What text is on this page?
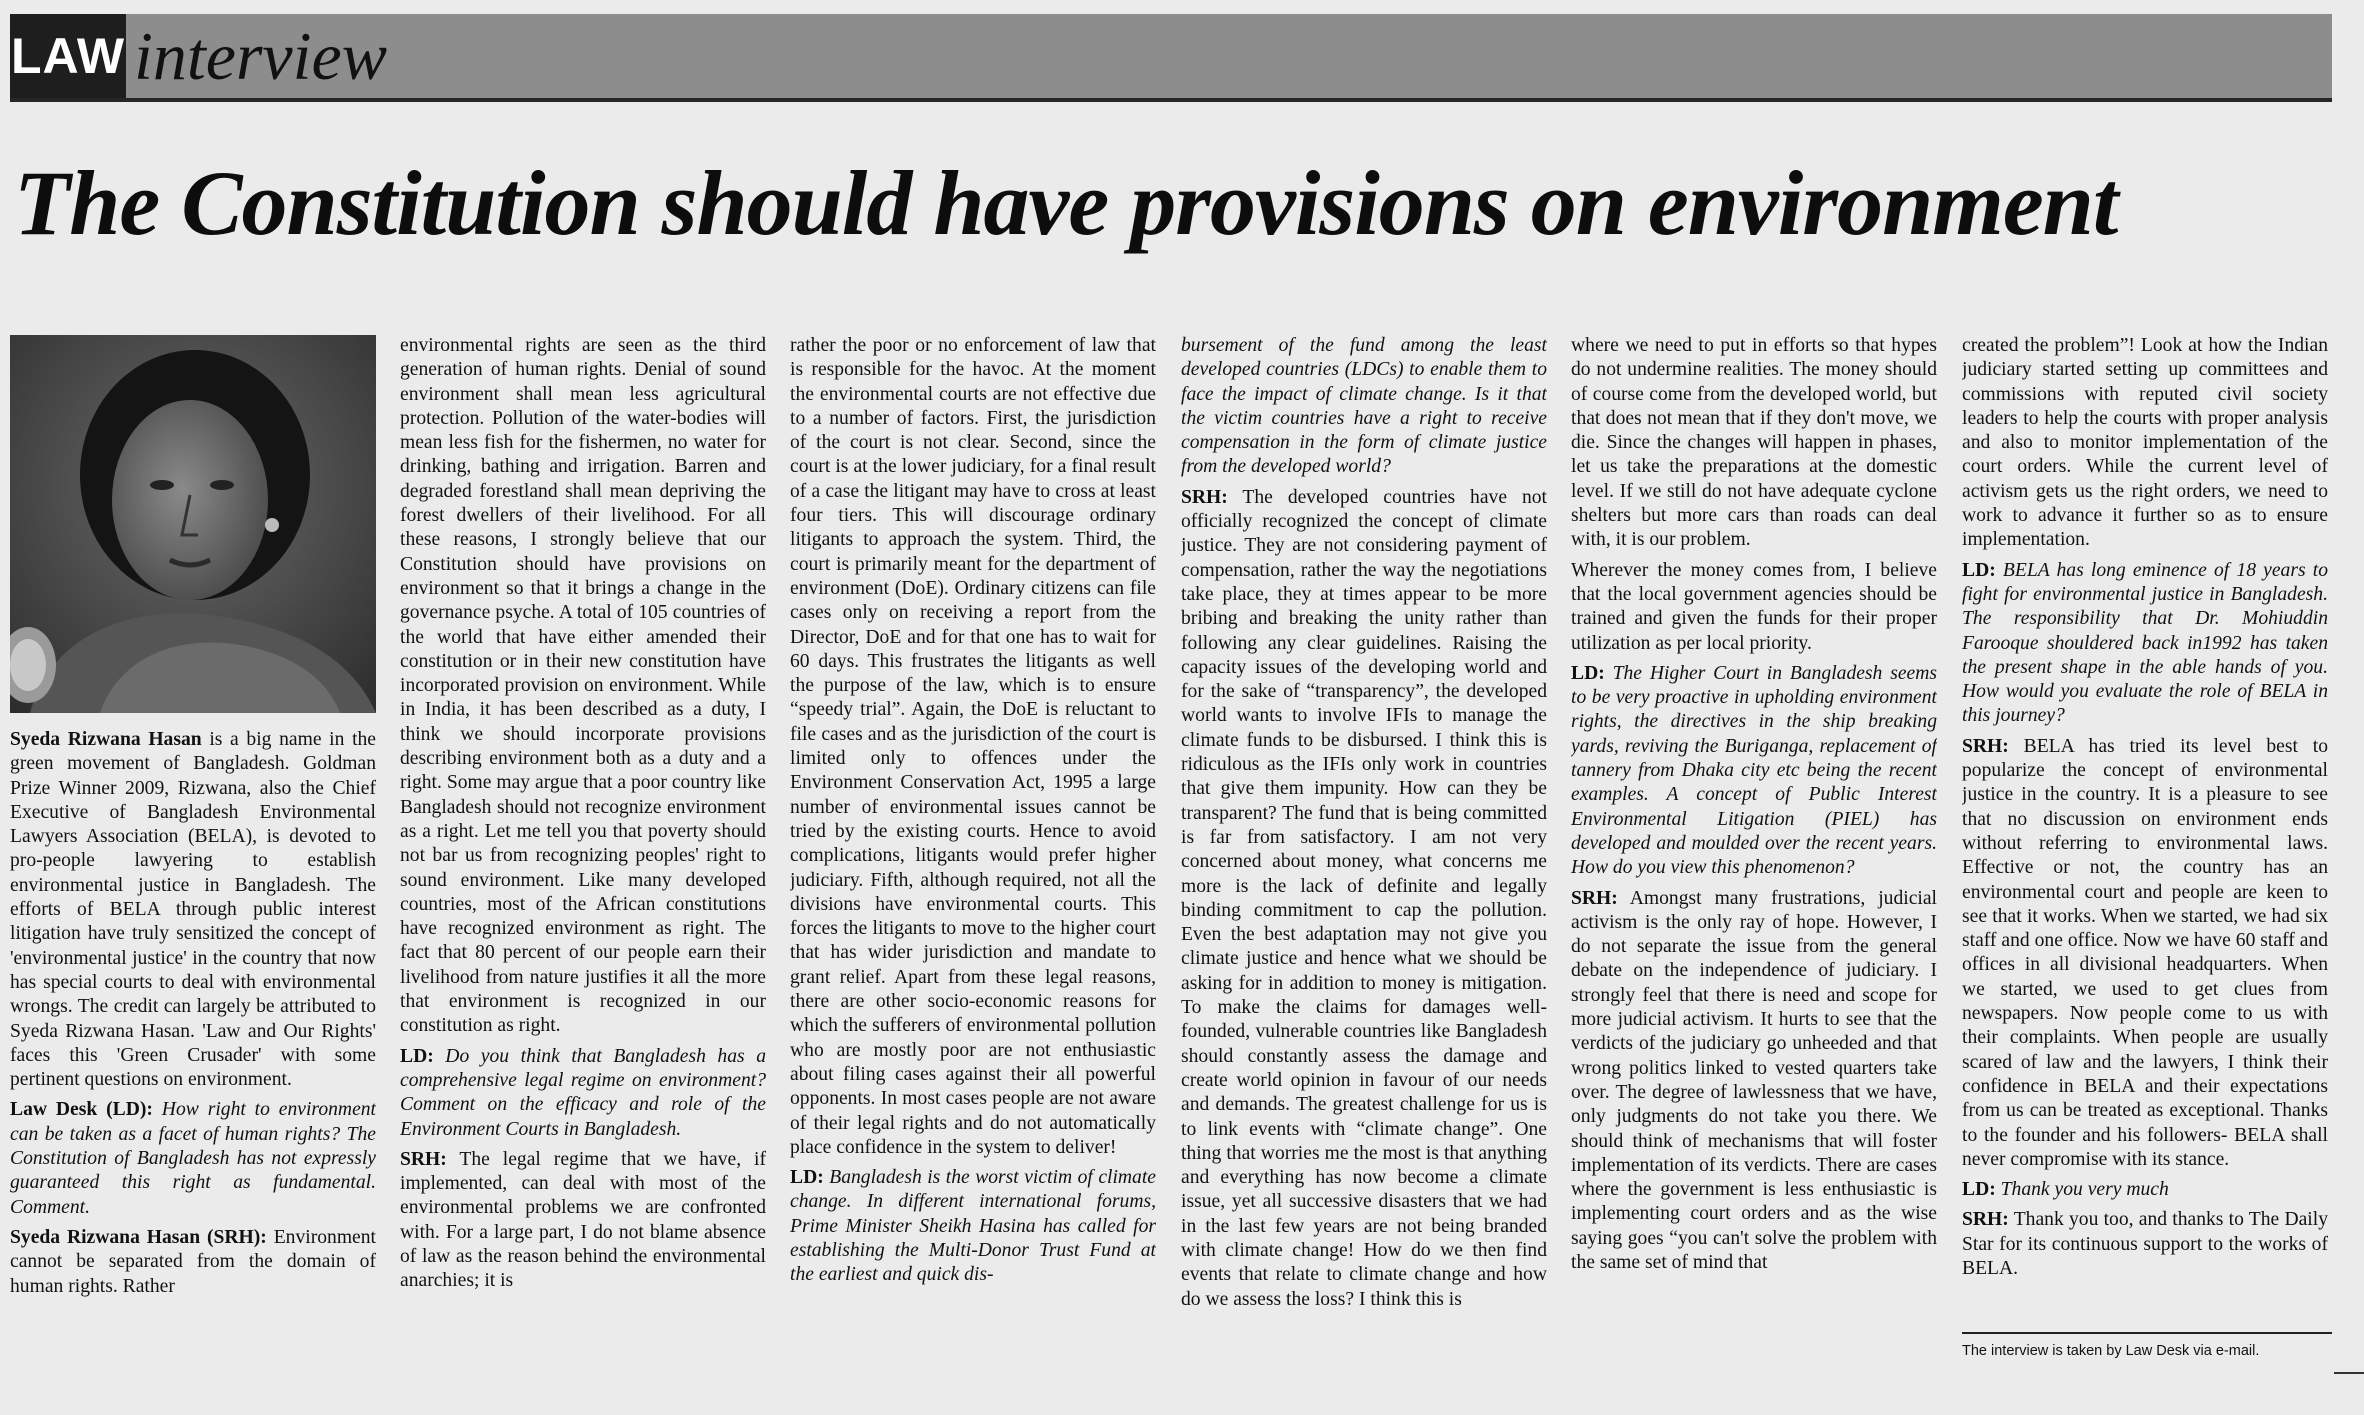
LAW interview
The Constitution should have provisions on environment

Syeda Rizwana Hasan is a big name in the green movement of Bangladesh. Goldman Prize Winner 2009, Rizwana, also the Chief Executive of Bangladesh Environmental Lawyers Association (BELA), is devoted to pro-people lawyering to establish environmental justice in Bangladesh. The efforts of BELA through public interest litigation have truly sensitized the concept of 'environmental justice' in the country that now has special courts to deal with environmental wrongs. The credit can largely be attributed to Syeda Rizwana Hasan. 'Law and Our Rights' faces this 'Green Crusader' with some pertinent questions on environment.

Law Desk (LD): How right to environment can be taken as a facet of human rights? The Constitution of Bangladesh has not expressly guaranteed this right as fundamental. Comment.

Syeda Rizwana Hasan (SRH): Environment cannot be separated from the domain of human rights. Rather

environmental rights are seen as the third generation of human rights. Denial of sound environment shall mean less agricultural protection. Pollution of the water-bodies will mean less fish for the fishermen, no water for drinking, bathing and irrigation. Barren and degraded forestland shall mean depriving the forest dwellers of their livelihood. For all these reasons, I strongly believe that our Constitution should have provisions on environment so that it brings a change in the governance psyche. A total of 105 countries of the world that have either amended their constitution or in their new constitution have incorporated provision on environment. While in India, it has been described as a duty, I think we should incorporate provisions describing environment both as a duty and a right. Some may argue that a poor country like Bangladesh should not recognize environment as a right. Let me tell you that poverty should not bar us from recognizing peoples' right to sound environment. Like many developed countries, most of the African constitutions have recognized environment as right. The fact that 80 percent of our people earn their livelihood from nature justifies it all the more that environment is recognized in our constitution as right.

LD: Do you think that Bangladesh has a comprehensive legal regime on environment? Comment on the efficacy and role of the Environment Courts in Bangladesh.

SRH: The legal regime that we have, if implemented, can deal with most of the environmental problems we are confronted with. For a large part, I do not blame absence of law as the reason behind the environmental anarchies; it is

rather the poor or no enforcement of law that is responsible for the havoc. At the moment the environmental courts are not effective due to a number of factors. First, the jurisdiction of the court is not clear. Second, since the court is at the lower judiciary, for a final result of a case the litigant may have to cross at least four tiers. This will discourage ordinary litigants to approach the system. Third, the court is primarily meant for the department of environment (DoE). Ordinary citizens can file cases only on receiving a report from the Director, DoE and for that one has to wait for 60 days. This frustrates the litigants as well the purpose of the law, which is to ensure “speedy trial”. Again, the DoE is reluctant to file cases and as the jurisdiction of the court is limited only to offences under the Environment Conservation Act, 1995 a large number of environmental issues cannot be tried by the existing courts. Hence to avoid complications, litigants would prefer higher judiciary. Fifth, although required, not all the divisions have environmental courts. This forces the litigants to move to the higher court that has wider jurisdiction and mandate to grant relief. Apart from these legal reasons, there are other socio-economic reasons for which the sufferers of environmental pollution who are mostly poor are not enthusiastic about filing cases against their all powerful opponents. In most cases people are not aware of their legal rights and do not automatically place confidence in the system to deliver!

LD: Bangladesh is the worst victim of climate change. In different international forums, Prime Minister Sheikh Hasina has called for establishing the Multi-Donor Trust Fund at the earliest and quick dis-

bursement of the fund among the least developed countries (LDCs) to enable them to face the impact of climate change. Is it that the victim countries have a right to receive compensation in the form of climate justice from the developed world?

SRH: The developed countries have not officially recognized the concept of climate justice. They are not considering payment of compensation, rather the way the negotiations take place, they at times appear to be more bribing and breaking the unity rather than following any clear guidelines. Raising the capacity issues of the developing world and for the sake of “transparency”, the developed world wants to involve IFIs to manage the climate funds to be disbursed. I think this is ridiculous as the IFIs only work in countries that give them impunity. How can they be transparent? The fund that is being committed is far from satisfactory. I am not very concerned about money, what concerns me more is the lack of definite and legally binding commitment to cap the pollution. Even the best adaptation may not give you climate justice and hence what we should be asking for in addition to money is mitigation. To make the claims for damages well-founded, vulnerable countries like Bangladesh should constantly assess the damage and create world opinion in favour of our needs and demands. The greatest challenge for us is to link events with “climate change”. One thing that worries me the most is that anything and everything has now become a climate issue, yet all successive disasters that we had in the last few years are not being branded with climate change! How do we then find events that relate to climate change and how do we assess the loss? I think this is

where we need to put in efforts so that hypes do not undermine realities. The money should of course come from the developed world, but that does not mean that if they don't move, we die. Since the changes will happen in phases, let us take the preparations at the domestic level. If we still do not have adequate cyclone shelters but more cars than roads can deal with, it is our problem.

Wherever the money comes from, I believe that the local government agencies should be trained and given the funds for their proper utilization as per local priority.

LD: The Higher Court in Bangladesh seems to be very proactive in upholding environment rights, the directives in the ship breaking yards, reviving the Buriganga, replacement of tannery from Dhaka city etc being the recent examples. A concept of Public Interest Environmental Litigation (PIEL) has developed and moulded over the recent years. How do you view this phenomenon?

SRH: Amongst many frustrations, judicial activism is the only ray of hope. However, I do not separate the issue from the general debate on the independence of judiciary. I strongly feel that there is need and scope for more judicial activism. It hurts to see that the verdicts of the judiciary go unheeded and that wrong politics linked to vested quarters take over. The degree of lawlessness that we have, only judgments do not take you there. We should think of mechanisms that will foster implementation of its verdicts. There are cases where the government is less enthusiastic is implementing court orders and as the wise saying goes “you can't solve the problem with the same set of mind that

created the problem”! Look at how the Indian judiciary started setting up committees and commissions with reputed civil society leaders to help the courts with proper analysis and also to monitor implementation of the court orders. While the current level of activism gets us the right orders, we need to work to advance it further so as to ensure implementation.

LD: BELA has long eminence of 18 years to fight for environmental justice in Bangladesh. The responsibility that Dr. Mohiuddin Farooque shouldered back in1992 has taken the present shape in the able hands of you. How would you evaluate the role of BELA in this journey?

SRH: BELA has tried its level best to popularize the concept of environmental justice in the country. It is a pleasure to see that no discussion on environment ends without referring to environmental laws. Effective or not, the country has an environmental court and people are keen to see that it works. When we started, we had six staff and one office. Now we have 60 staff and offices in all divisional headquarters. When we started, we used to get clues from newspapers. Now people come to us with their complaints. When people are usually scared of law and the lawyers, I think their confidence in BELA and their expectations from us can be treated as exceptional. Thanks to the founder and his followers- BELA shall never compromise with its stance.

LD: Thank you very much

SRH: Thank you too, and thanks to The Daily Star for its continuous support to the works of BELA.

The interview is taken by Law Desk via e-mail.
